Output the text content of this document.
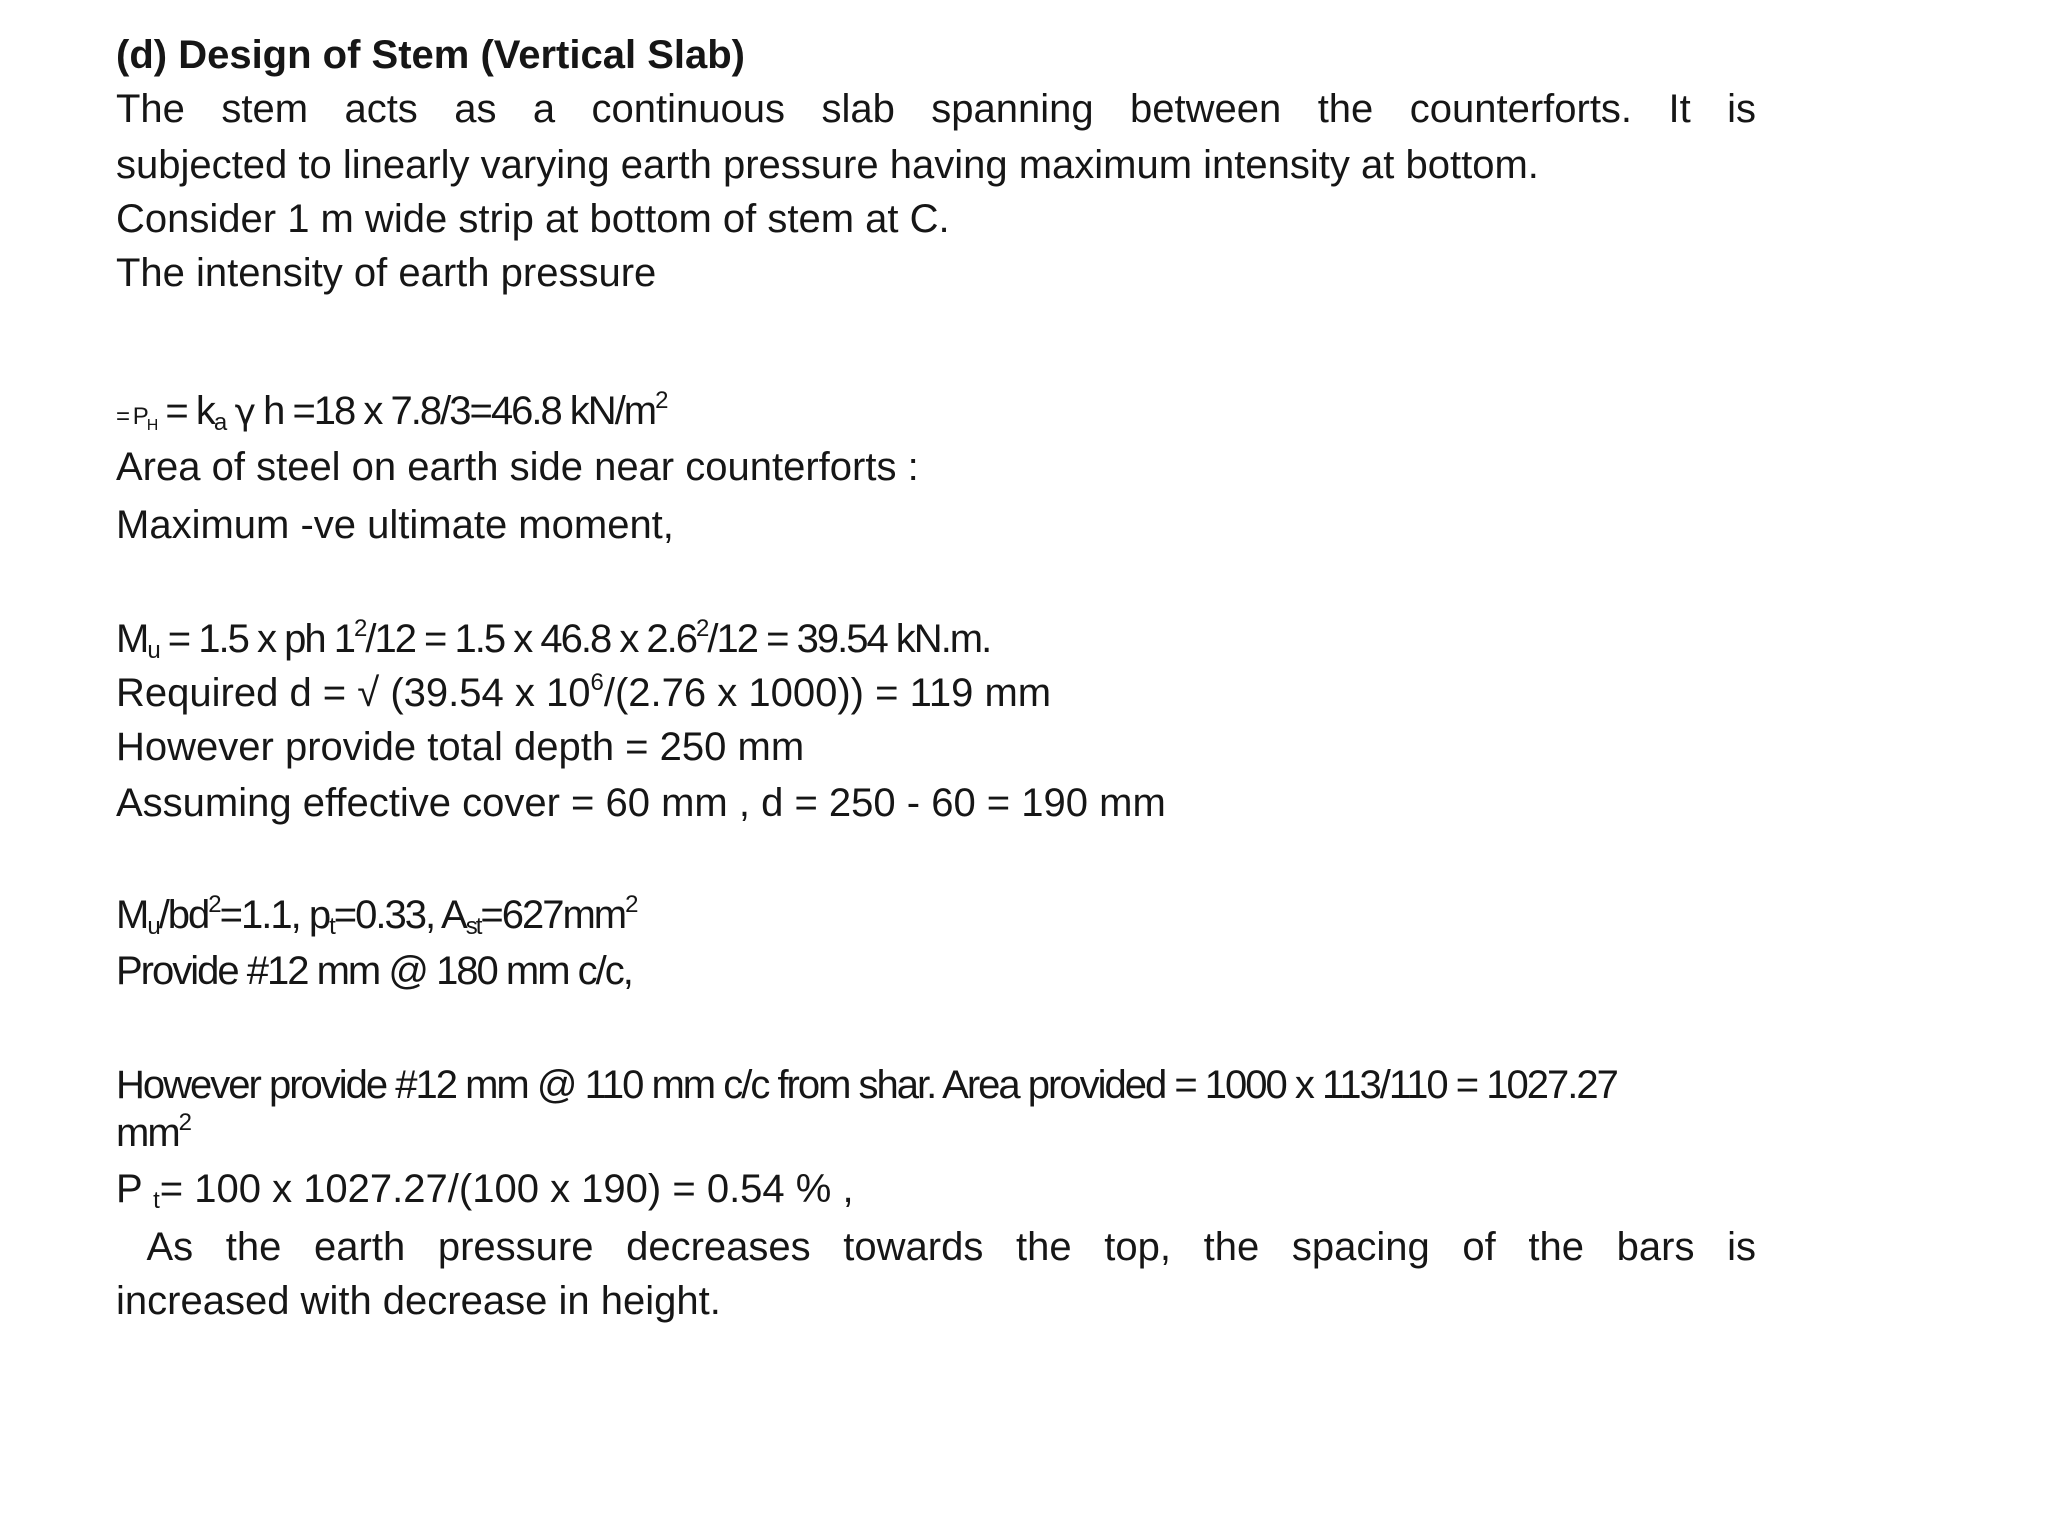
(d) Design of Stem (Vertical Slab)
The stem acts as a continuous slab spanning between the counterforts. It is
subjected to linearly varying earth pressure having maximum intensity at bottom.
Consider 1 m wide strip at bottom of stem at C.
The intensity of earth pressure
= $P_H = k_a$ γ h =18 x 7.8/3=46.8 $kN/m^2$
Area of steel on earth side near counterforts :
Maximum -ve ultimate moment,
$M_u = 1.5$ x ph $1^2/12 = 1.5$ x 46.8 x $2.6^2/12 = 39.54$ kN.m.
Required d = √ (39.54 x $10^6/(2.76$ x 1000)) = 119 mm
However provide total depth = 250 mm
Assuming effective cover = 60 mm , d = 250 - 60 = 190 mm
$M_u/bd^2=1.1$, $p_t=0.33$, $A_{st}=627mm^2$
Provide #12 mm @ 180 mm c/c,
However provide #12 mm @ 110 mm c/c from shar. Area provided = 1000 x 113/110 = 1027.27
$mm^2$
P $_t$= 100 x 1027.27/(100 x 190) = 0.54 % ,
As the earth pressure decreases towards the top, the spacing of the bars is
increased with decrease in height.
